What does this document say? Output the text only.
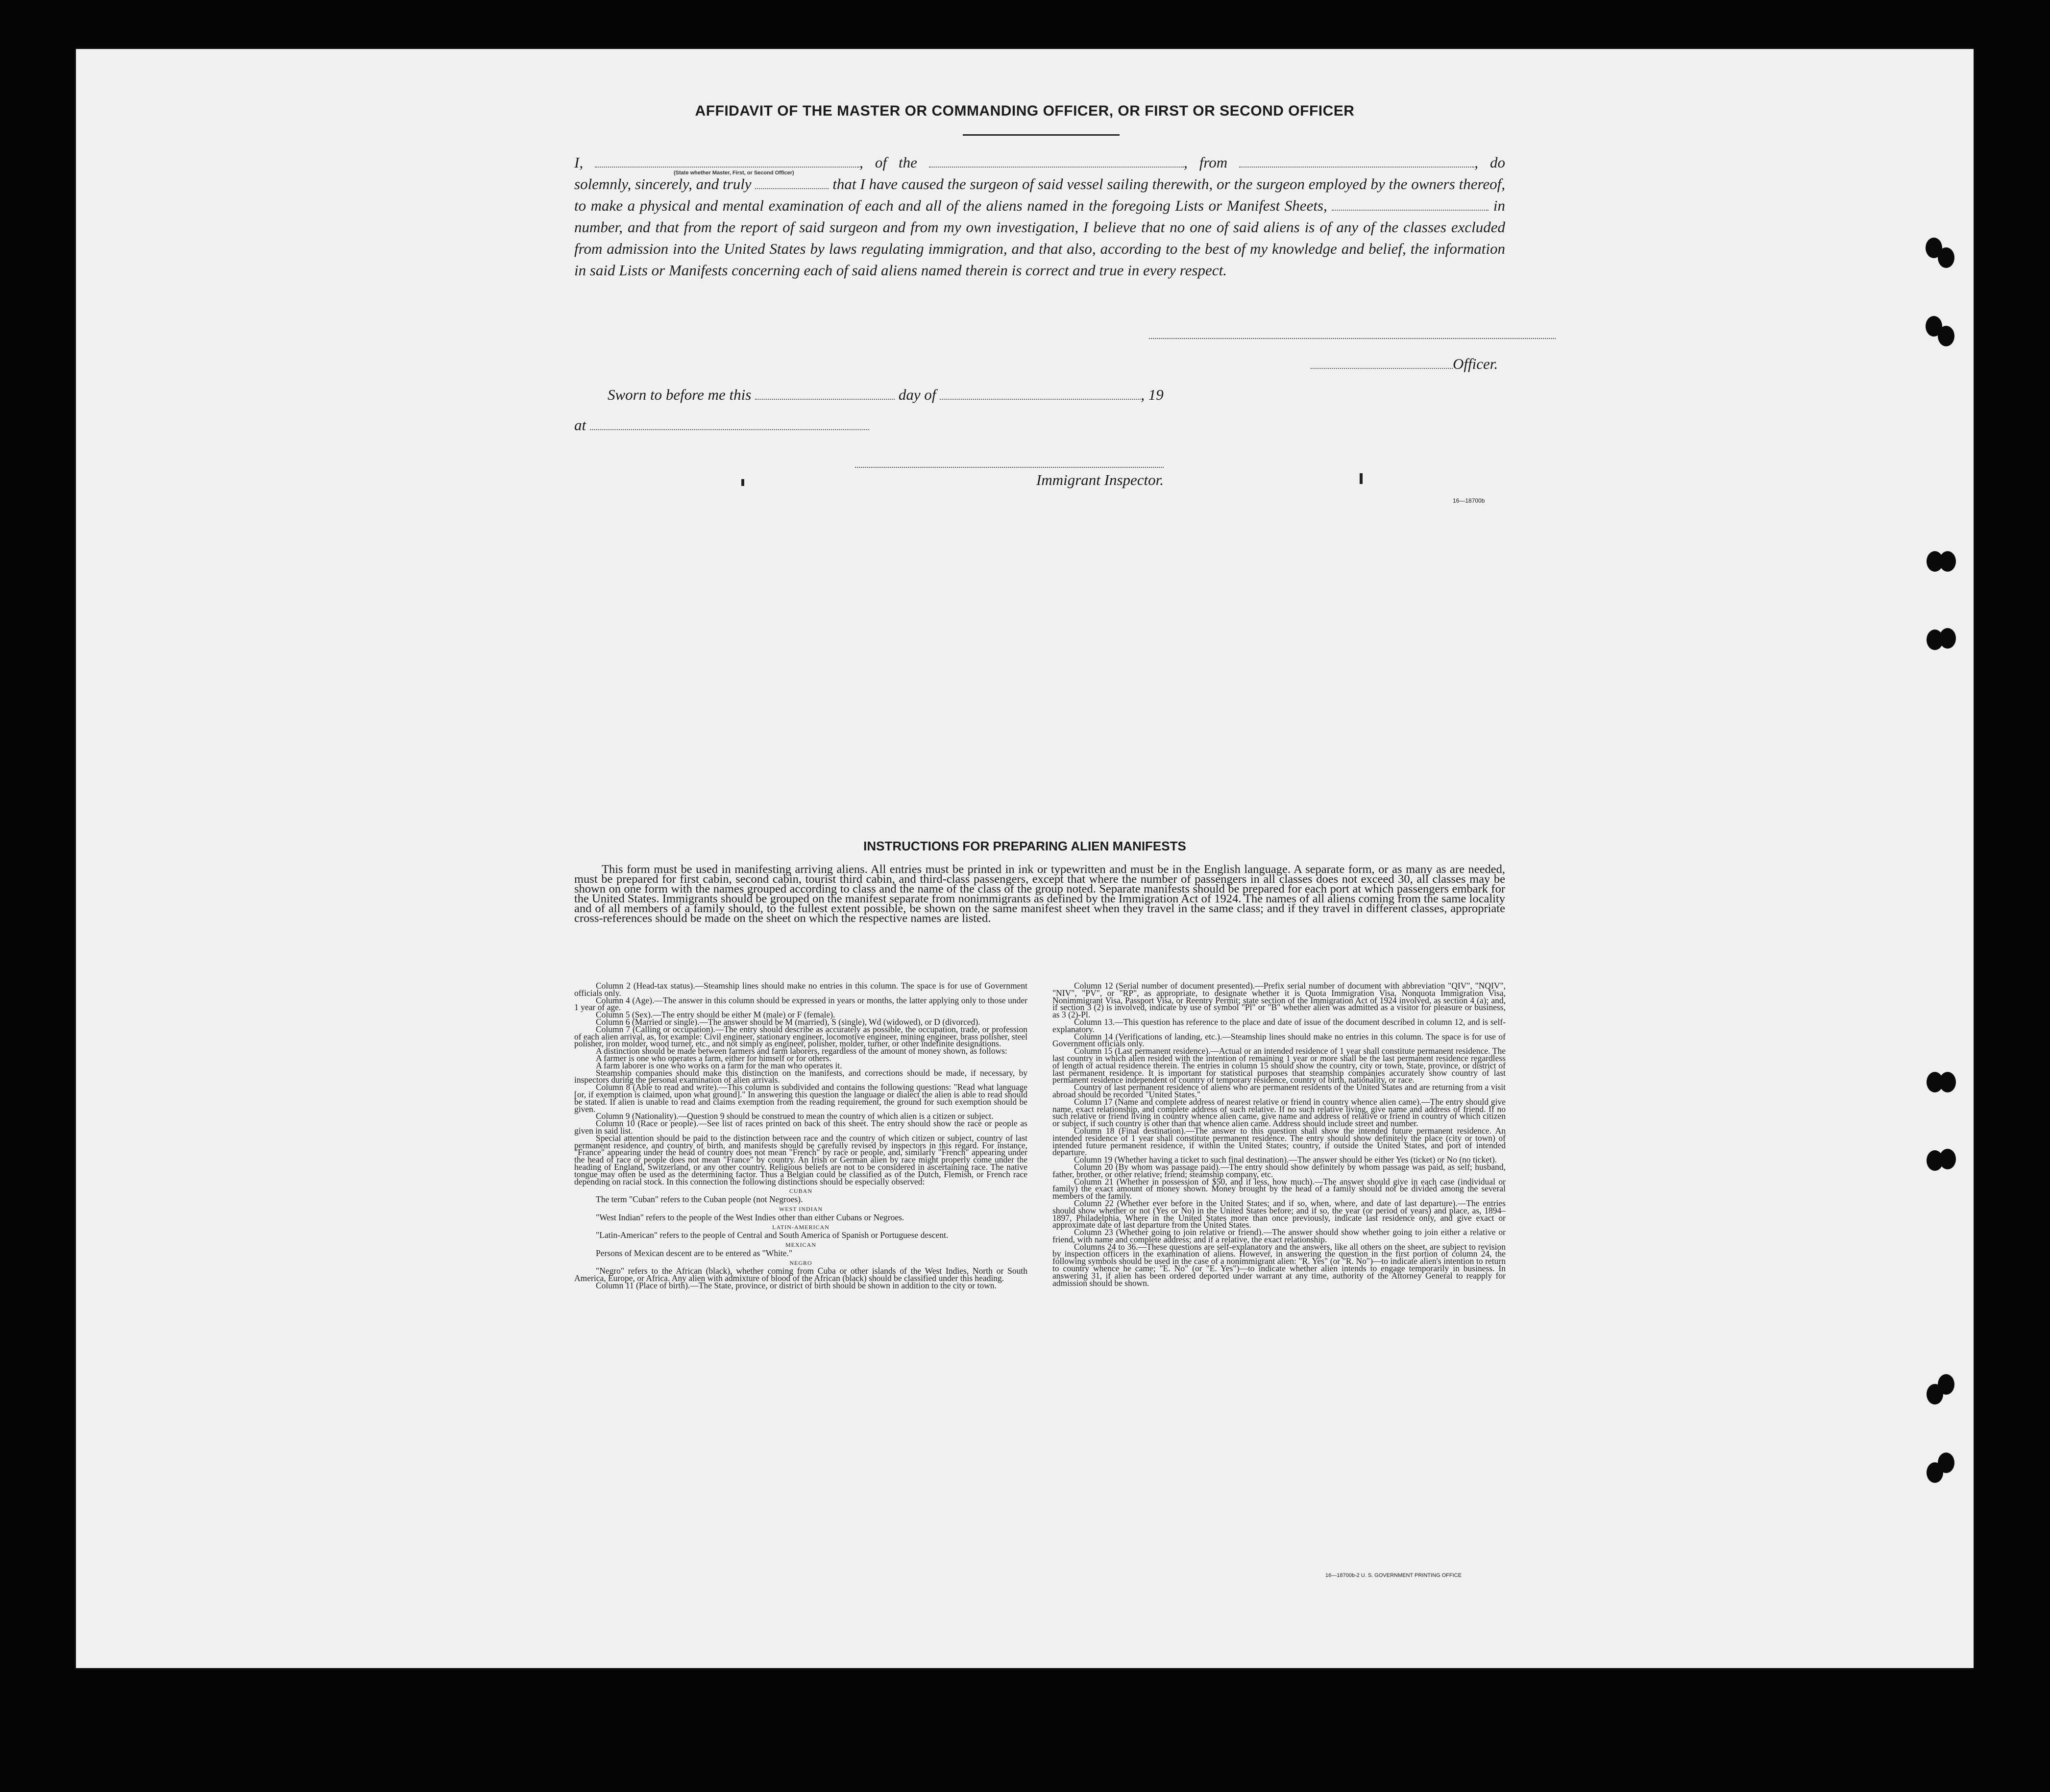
AFFIDAVIT OF THE MASTER OR COMMANDING OFFICER, OR FIRST OR SECOND OFFICER
I,	, of the	, from	, do solemnly, sincerely, and truly	that I have caused the surgeon of said vessel sailing therewith, or the surgeon employed by the owners thereof, to make a physical and mental examination of each and all of the aliens named in the foregoing Lists or Manifest Sheets,	in number, and that from the report of said surgeon and from my own investigation, I believe that no one of said aliens is of any of the classes excluded from admission into the United States by laws regulating immigration, and that also, according to the best of my knowledge and belief, the information in said Lists or Manifests concerning each of said aliens named therein is correct and true in every respect.
(State whether Master, First, or Second Officer)
Officer.
Sworn to before me this	day of	, 19
at
Immigrant Inspector.
16—18700b
INSTRUCTIONS FOR PREPARING ALIEN MANIFESTS
This form must be used in manifesting arriving aliens. All entries must be printed in ink or typewritten and must be in the English language. A separate form, or as many as are needed, must be prepared for first cabin, second cabin, tourist third cabin, and third-class passengers, except that where the number of passengers in all classes does not exceed 30, all classes may be shown on one form with the names grouped according to class and the name of the class of the group noted. Separate manifests should be prepared for each port at which passengers embark for the United States. Immigrants should be grouped on the manifest separate from nonimmigrants as defined by the Immigration Act of 1924. The names of all aliens coming from the same locality and of all members of a family should, to the fullest extent possible, be shown on the same manifest sheet when they travel in the same class; and if they travel in different classes, appropriate cross-references should be made on the sheet on which the respective names are listed.

Column 2 (Head-tax status).—Steamship lines should make no entries in this column. The space is for use of Government officials only.

Column 4 (Age).—The answer in this column should be expressed in years or months, the latter applying only to those under 1 year of age.

Column 5 (Sex).—The entry should be either M (male) or F (female).

Column 6 (Married or single).—The answer should be M (married), S (single), Wd (widowed), or D (divorced).

Column 7 (Calling or occupation).—The entry should describe as accurately as possible, the occupation, trade, or profession of each alien arrival, as, for example: Civil engineer, stationary engineer, locomotive engineer, mining engineer, brass polisher, steel polisher, iron molder, wood turner, etc., and not simply as engineer, polisher, molder, turner, or other indefinite designations.

A distinction should be made between farmers and farm laborers, regardless of the amount of money shown, as follows:

A farmer is one who operates a farm, either for himself or for others.

A farm laborer is one who works on a farm for the man who operates it.

Steamship companies should make this distinction on the manifests, and corrections should be made, if necessary, by inspectors during the personal examination of alien arrivals.

Column 8 (Able to read and write).—This column is subdivided and contains the following questions: "Read what language [or, if exemption is claimed, upon what ground]." In answering this question the language or dialect the alien is able to read should be stated. If alien is unable to read and claims exemption from the reading requirement, the ground for such exemption should be given.

Column 9 (Nationality).—Question 9 should be construed to mean the country of which alien is a citizen or subject.

Column 10 (Race or people).—See list of races printed on back of this sheet. The entry should show the race or people as given in said list.

Special attention should be paid to the distinction between race and the country of which citizen or subject, country of last permanent residence, and country of birth, and manifests should be carefully revised by inspectors in this regard. For instance, "France" appearing under the head of country does not mean "French" by race or people, and, similarly "French" appearing under the head of race or people does not mean "France" by country. An Irish or German alien by race might properly come under the heading of England, Switzerland, or any other country. Religious beliefs are not to be considered in ascertaining race. The native tongue may often be used as the determining factor. Thus a Belgian could be classified as of the Dutch, Flemish, or French race depending on racial stock. In this connection the following distinctions should be especially observed:

CUBAN

The term "Cuban" refers to the Cuban people (not Negroes).

WEST INDIAN

"West Indian" refers to the people of the West Indies other than either Cubans or Negroes.

LATIN-AMERICAN

"Latin-American" refers to the people of Central and South America of Spanish or Portuguese descent.

MEXICAN

Persons of Mexican descent are to be entered as "White."

NEGRO

"Negro" refers to the African (black), whether coming from Cuba or other islands of the West Indies, North or South America, Europe, or Africa. Any alien with admixture of blood of the African (black) should be classified under this heading.

Column 11 (Place of birth).—The State, province, or district of birth should be shown in addition to the city or town.

Column 12 (Serial number of document presented).—Prefix serial number of document with abbreviation "QIV", "NQIV", "NIV", "PV", or "RP", as appropriate, to designate whether it is Quota Immigration Visa, Nonquota Immigration Visa, Nonimmigrant Visa, Passport Visa, or Reentry Permit; state section of the Immigration Act of 1924 involved, as section 4 (a); and, if section 3 (2) is involved, indicate by use of symbol "Pl" or "B" whether alien was admitted as a visitor for pleasure or business, as 3 (2)-Pl.

Column 13.—This question has reference to the place and date of issue of the document described in column 12, and is self-explanatory.

Column 14 (Verifications of landing, etc.).—Steamship lines should make no entries in this column. The space is for use of Government officials only.

Column 15 (Last permanent residence).—Actual or an intended residence of 1 year shall constitute permanent residence. The last country in which alien resided with the intention of remaining 1 year or more shall be the last permanent residence regardless of length of actual residence therein. The entries in column 15 should show the country, city or town, State, province, or district of last permanent residence. It is important for statistical purposes that steamship companies accurately show country of last permanent residence independent of country of temporary residence, country of birth, nationality, or race.

Country of last permanent residence of aliens who are permanent residents of the United States and are returning from a visit abroad should be recorded "United States."

Column 17 (Name and complete address of nearest relative or friend in country whence alien came).—The entry should give name, exact relationship, and complete address of such relative. If no such relative living, give name and address of friend. If no such relative or friend living in country whence alien came, give name and address of relative or friend in country of which citizen or subject, if such country is other than that whence alien came. Address should include street and number.

Column 18 (Final destination).—The answer to this question shall show the intended future permanent residence. An intended residence of 1 year shall constitute permanent residence. The entry should show definitely the place (city or town) of intended future permanent residence, if within the United States; country, if outside the United States, and port of intended departure.

Column 19 (Whether having a ticket to such final destination).—The answer should be either Yes (ticket) or No (no ticket).

Column 20 (By whom was passage paid).—The entry should show definitely by whom passage was paid, as self; husband, father, brother, or other relative; friend; steamship company, etc.

Column 21 (Whether in possession of $50, and if less, how much).—The answer should give in each case (individual or family) the exact amount of money shown. Money brought by the head of a family should not be divided among the several members of the family.

Column 22 (Whether ever before in the United States; and if so, when, where, and date of last departure).—The entries should show whether or not (Yes or No) in the United States before; and if so, the year (or period of years) and place, as, 1894–1897, Philadelphia. Where in the United States more than once previously, indicate last residence only, and give exact or approximate date of last departure from the United States.

Column 23 (Whether going to join relative or friend).—The answer should show whether going to join either a relative or friend, with name and complete address; and if a relative, the exact relationship.

Columns 24 to 36.—These questions are self-explanatory and the answers, like all others on the sheet, are subject to revision by inspection officers in the examination of aliens. However, in answering the question in the first portion of column 24, the following symbols should be used in the case of a nonimmigrant alien: "R. Yes" (or "R. No")—to indicate alien's intention to return to country whence he came; "E. No" (or "E. Yes")—to indicate whether alien intends to engage temporarily in business. In answering 31, if alien has been ordered deported under warrant at any time, authority of the Attorney General to reapply for admission should be shown.

16—18700b-2 U. S. GOVERNMENT PRINTING OFFICE
